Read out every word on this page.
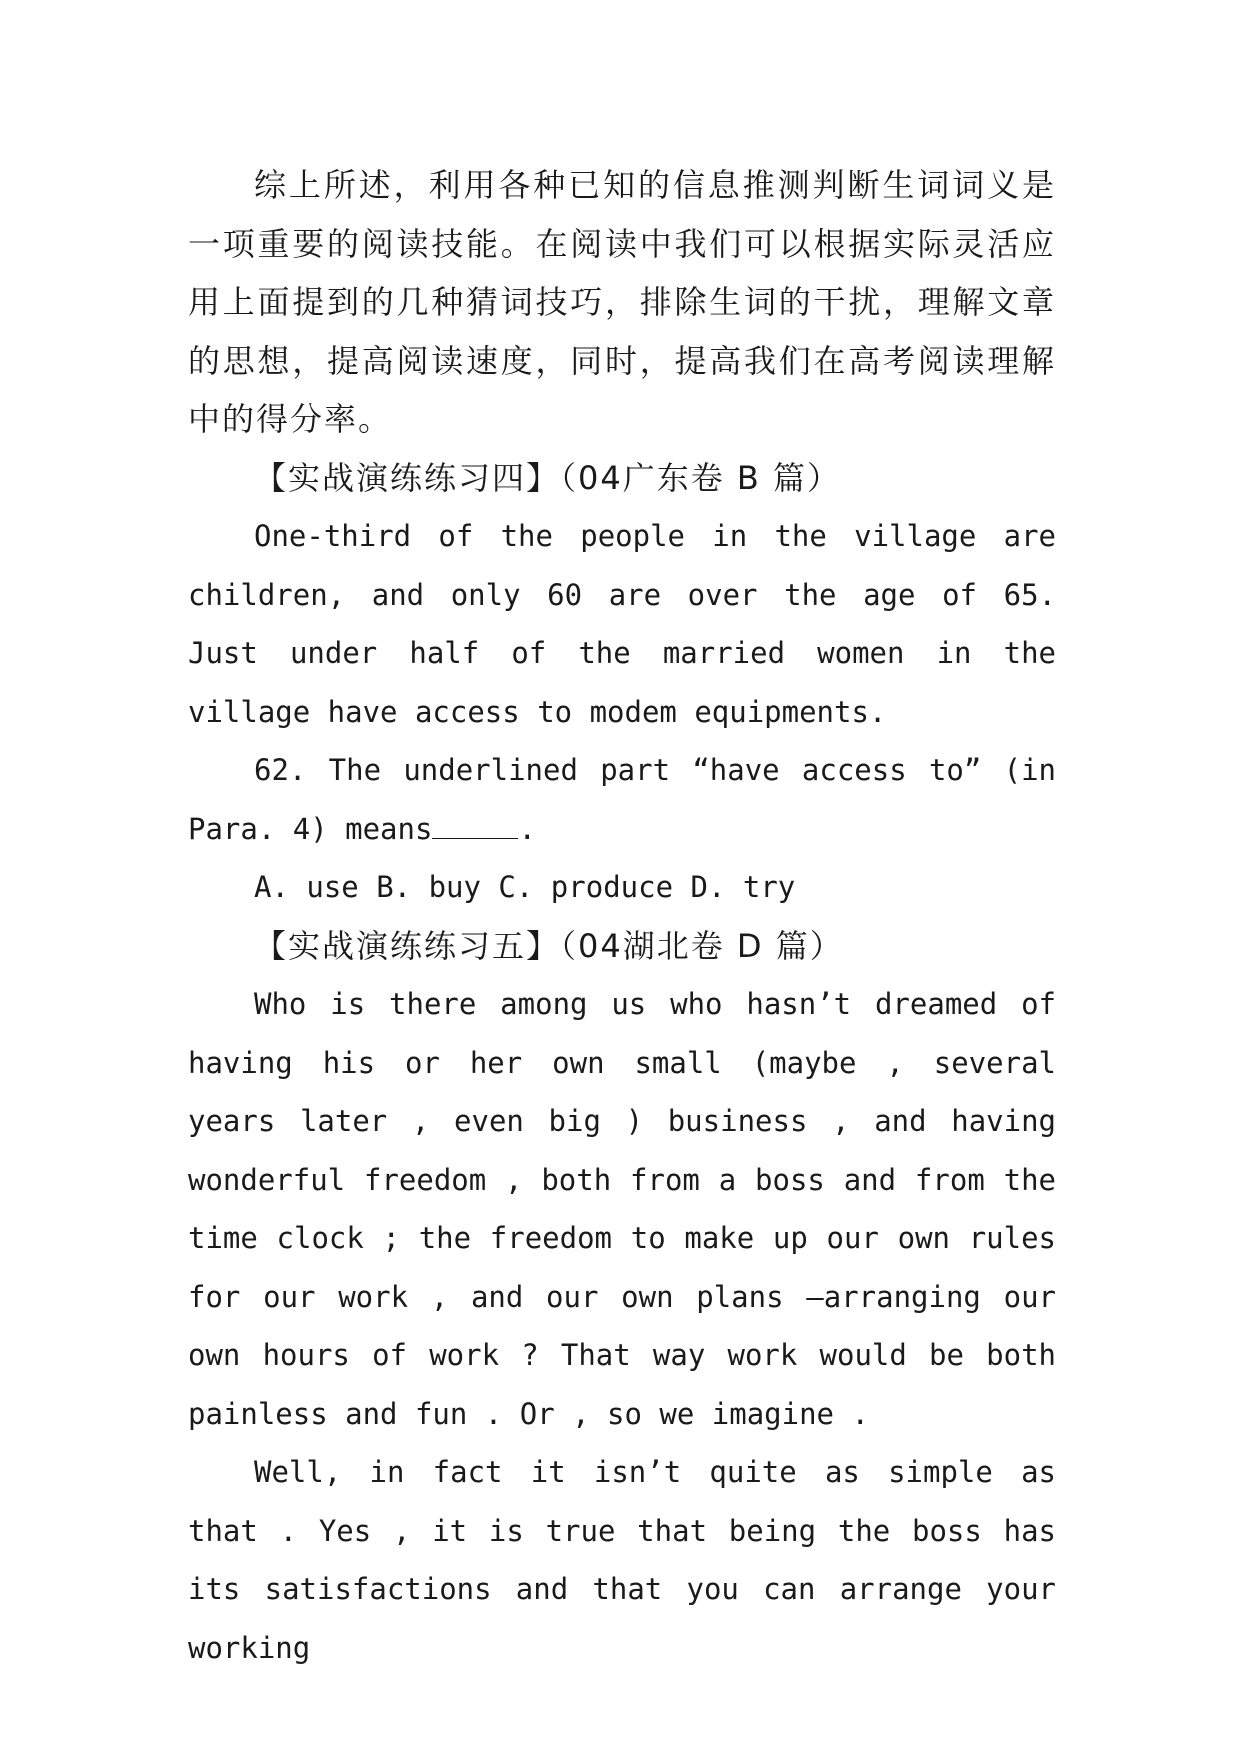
综上所述，利用各种已知的信息推测判断生词词义是一项重要的阅读技能。在阅读中我们可以根据实际灵活应用上面提到的几种猜词技巧，排除生词的干扰，理解文章的思想，提高阅读速度，同时，提高我们在高考阅读理解中的得分率。

【实战演练练习四】（04广东卷 B 篇）

One-third of the people in the village are children, and only 60 are over the age of 65. Just under half of the married women in the village have access to modem equipments.

62. The underlined part “have access to” (in Para. 4) means	.

A. use B. buy C. produce D. try

【实战演练练习五】（04湖北卷 D 篇）

Who is there among us who hasn’t dreamed of having his or her own small (maybe , several years later , even big ) business , and having wonderful freedom , both from a boss and from the time clock ; the freedom to make up our own rules for our work , and our own plans —arranging our own hours of work ? That way work would be both painless and fun . Or , so we imagine .

Well, in fact it isn’t quite as simple as that . Yes , it is true that being the boss has its satisfactions and that you can arrange your working
